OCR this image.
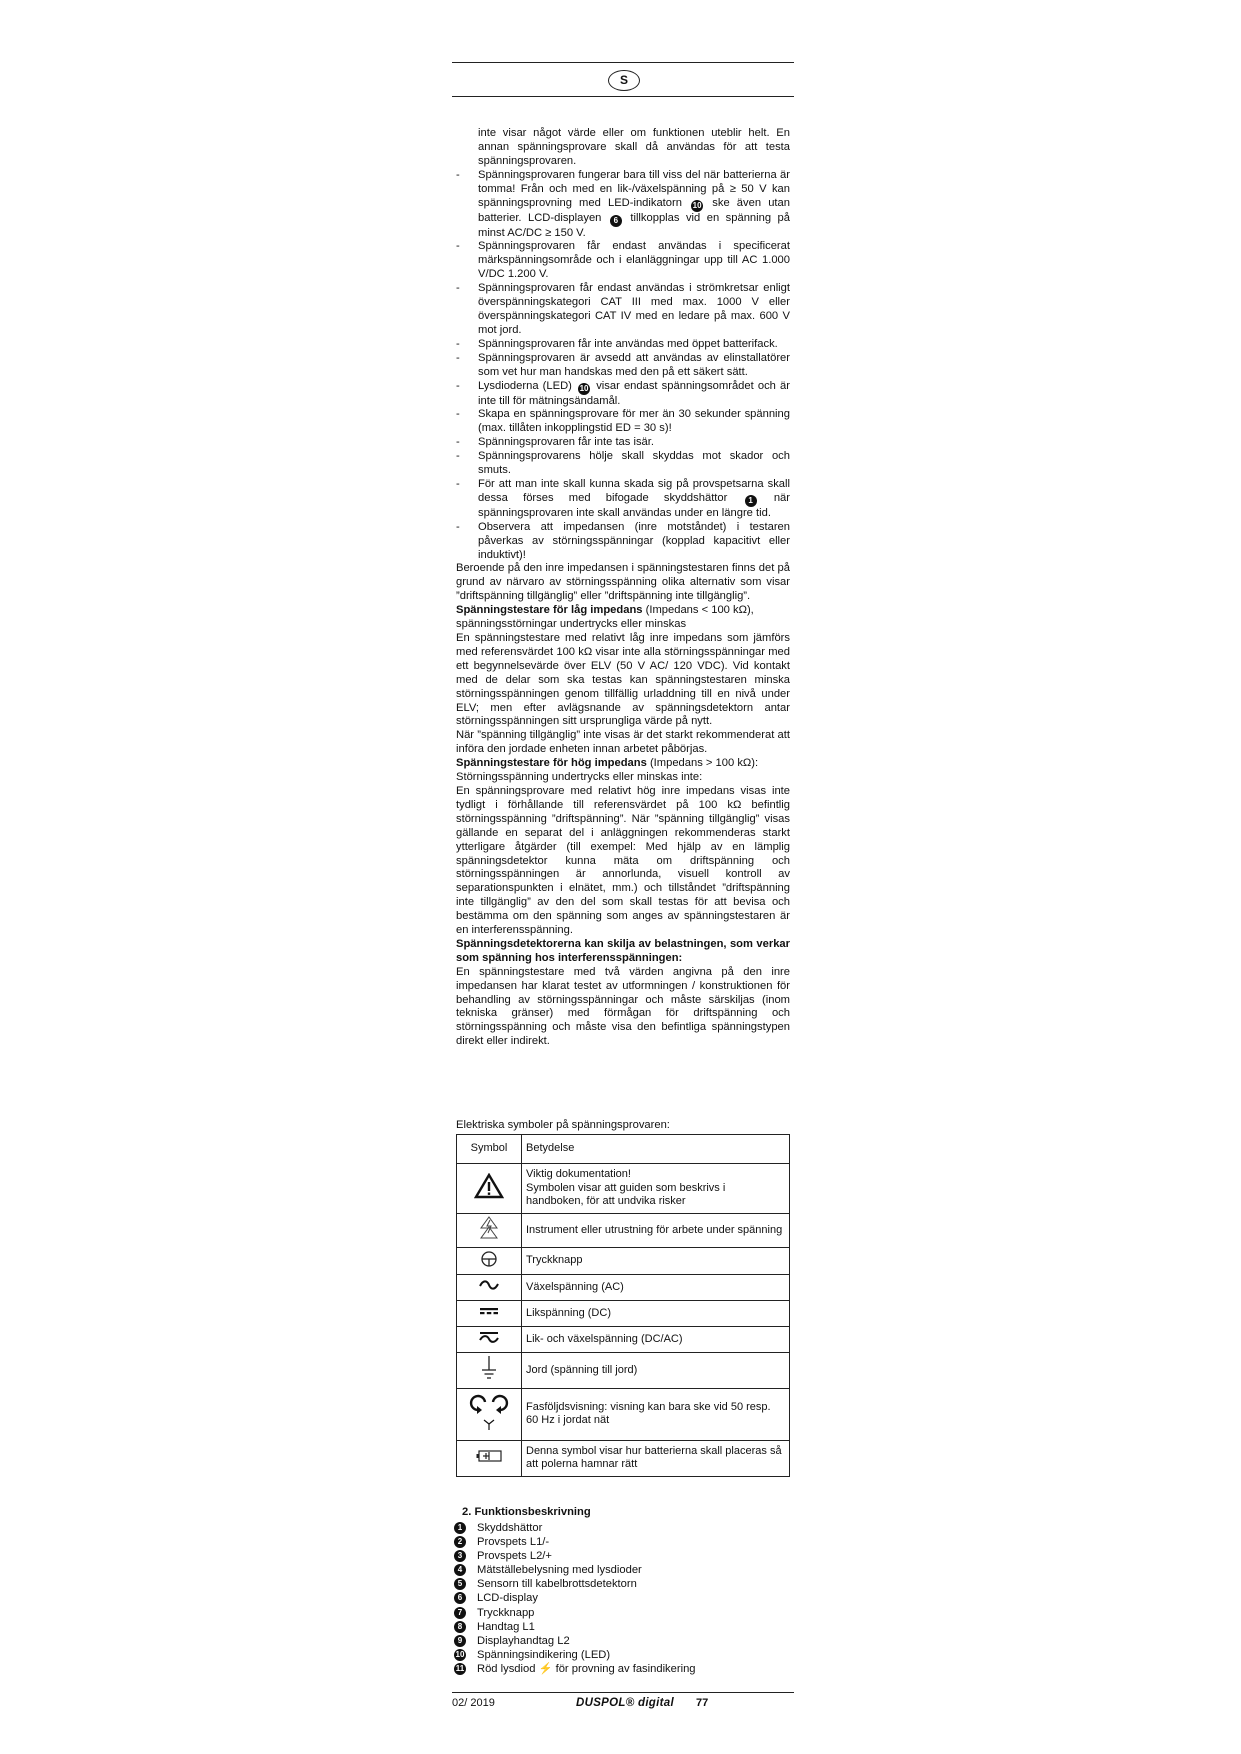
S
inte visar något värde eller om funktionen uteblir helt. En annan spänningsprovare skall då användas för att testa spänningsprovaren.
- Spänningsprovaren fungerar bara till viss del när batterierna är tomma! Från och med en lik-/växelspänning på ≥ 50 V kan spänningsprovning med LED-indikatorn 10 ske även utan batterier. LCD-displayen 6 tillkopplas vid en spänning på minst AC/DC ≥ 150 V.
- Spänningsprovaren får endast användas i specificerat märkspänningsområde och i elanläggningar upp till AC 1.000 V/DC 1.200 V.
- Spänningsprovaren får endast användas i strömkretsar enligt överspänningskategori CAT III med max. 1000 V eller överspänningskategori CAT IV med en ledare på max. 600 V mot jord.
- Spänningsprovaren får inte användas med öppet batterifack.
- Spänningsprovaren är avsedd att användas av elinstallatörer som vet hur man handskas med den på ett säkert sätt.
- Lysdioderna (LED) 10 visar endast spänningsområdet och är inte till för mätningsändamål.
- Skapa en spänningsprovare för mer än 30 sekunder spänning (max. tillåten inkopplingstid ED = 30 s)!
- Spänningsprovaren får inte tas isär.
- Spänningsprovarens hölje skall skyddas mot skador och smuts.
- För att man inte skall kunna skada sig på provspetsarna skall dessa förses med bifogade skyddshättor 1 när spänningsprovaren inte skall användas under en längre tid.
- Observera att impedansen (inre motståndet) i testaren påverkas av störningsspänningar (kopplad kapacitivt eller induktivt)!
Beroende på den inre impedansen i spänningstestaren finns det på grund av närvaro av störningsspänning olika alternativ som visar ”driftspänning tillgänglig” eller ”driftspänning inte tillgänglig”.
Spänningstestare för låg impedans (Impedans < 100 kΩ),
spänningsstörningar undertrycks eller minskas
En spänningstestare med relativt låg inre impedans som jämförs med referensvärdet 100 kΩ visar inte alla störningsspänningar med ett begynnelsevärde över ELV (50 V AC/ 120 VDC). Vid kontakt med de delar som ska testas kan spänningstestaren minska störningsspänningen genom tillfällig urladdning till en nivå under ELV; men efter avlägsnande av spänningsdetektorn antar störningsspänningen sitt ursprungliga värde på nytt.
När ”spänning tillgänglig” inte visas är det starkt rekommenderat att införa den jordade enheten innan arbetet påbörjas.
Spänningstestare för hög impedans (Impedans > 100 kΩ):
Störningsspänning undertrycks eller minskas inte:
En spänningsprovare med relativt hög inre impedans visas inte tydligt i förhållande till referensvärdet på 100 kΩ befintlig störningsspänning ”driftspänning”. När ”spänning tillgänglig” visas gällande en separat del i anläggningen rekommenderas starkt ytterligare åtgärder (till exempel: Med hjälp av en lämplig spänningsdetektor kunna mäta om driftspänning och störningsspänningen är annorlunda, visuell kontroll av separationspunkten i elnätet, mm.) och tillståndet ”driftspänning inte tillgänglig” av den del som skall testas för att bevisa och bestämma om den spänning som anges av spänningstestaren är en interferensspänning.
Spänningsdetektorerna kan skilja av belastningen, som verkar som spänning hos interferensspänningen:
En spänningstestare med två värden angivna på den inre impedansen har klarat testet av utformningen / konstruktionen för behandling av störningsspänningar och måste särskiljas (inom tekniska gränser) med förmågan för driftspänning och störningsspänning och måste visa den befintliga spänningstypen direkt eller indirekt.
Elektriska symboler på spänningsprovaren:
Symbol	Betydelse

Viktig dokumentation!
Symbolen visar att guiden som beskrivs i handboken, för att undvika risker

	Instrument eller utrustning för arbete under spänning
	Tryckknapp
	Växelspänning (AC)
	Likspänning (DC)
	Lik- och växelspänning (DC/AC)
	Jord (spänning till jord)
	Fasföljdsvisning: visning kan bara ske vid 50 resp. 60 Hz i jordat nät
	Denna symbol visar hur batterierna skall placeras så att polerna hamnar rätt
2. Funktionsbeskrivning
1	Skyddshättor
2	Provspets L1/-
3	Provspets L2/+
4	Mätställebelysning med lysdioder
5	Sensorn till kabelbrottsdetektorn
6	LCD-display
7	Tryckknapp
8	Handtag L1
9	Displayhandtag L2
10 Spänningsindikering (LED)
11 Röd lysdiod ⚡ för provning av fasindikering
02/ 2019	DUSPOL® digital 77
